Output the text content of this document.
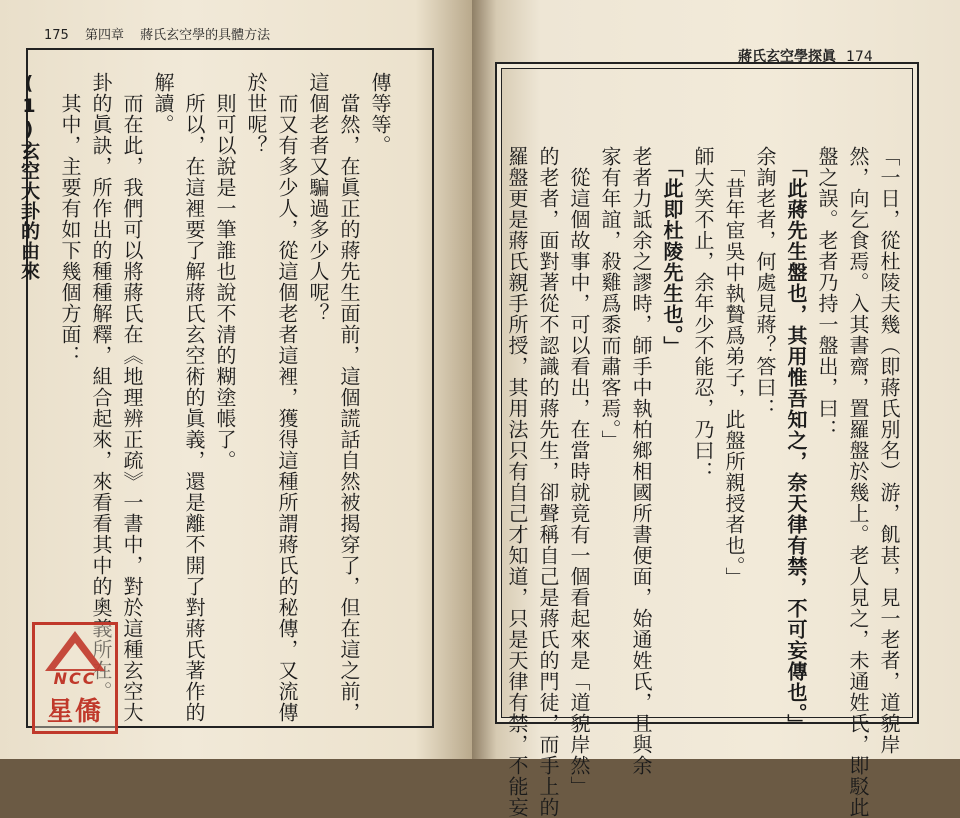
175 第四章 蔣氏玄空學的具體方法
蔣氏玄空學探眞 174
傳等等。
　當然，在眞正的蔣先生面前，這個謊話自然被揭穿了，但在這之前，
這個老者又騙過多少人呢？
　而又有多少人，從這個老者這裡，獲得這種所謂蔣氏的秘傳，又流傳
於世呢？
　則可以說是一筆誰也說不清的糊塗帳了。
　所以，在這裡要了解蔣氏玄空術的眞義，還是離不開了對蔣氏著作的
解讀。
　而在此，我們可以將蔣氏在《地理辨正疏》一書中，對於這種玄空大
卦的眞訣，所作出的種種解釋，組合起來，來看看其中的奧義所在。
　其中，主要有如下幾個方面：
(1)玄空大卦的由來	「一日，從杜陵夫幾（即蔣氏別名）游，飢甚，見一老者，道貌岸
然，向乞食焉。入其書齋，置羅盤於幾上。老人見之，未通姓氏，即駁此
盤之誤。老者乃持一盤出，曰：
　「此蔣先生盤也，其用惟吾知之，奈天律有禁，不可妄傳也。」
余詢老者，何處見蔣？答曰：
　「昔年宦吳中執贄爲弟子，此盤所親授者也。」
師大笑不止，余年少不能忍，乃曰：
　「此即杜陵先生也。」
老者力詆余之謬時，師手中執柏鄉相國所書便面，始通姓氏，且與余
家有年誼，殺雞爲黍而肅客焉。」
　從這個故事中，可以看出，在當時就竟有一個看起來是「道貌岸然」
的老者，面對著從不認識的蔣先生，卻聲稱自己是蔣氏的門徒，而手上的
羅盤更是蔣氏親手所授，其用法只有自己才知道，只是天律有禁，不能妄
NCC
星僑
